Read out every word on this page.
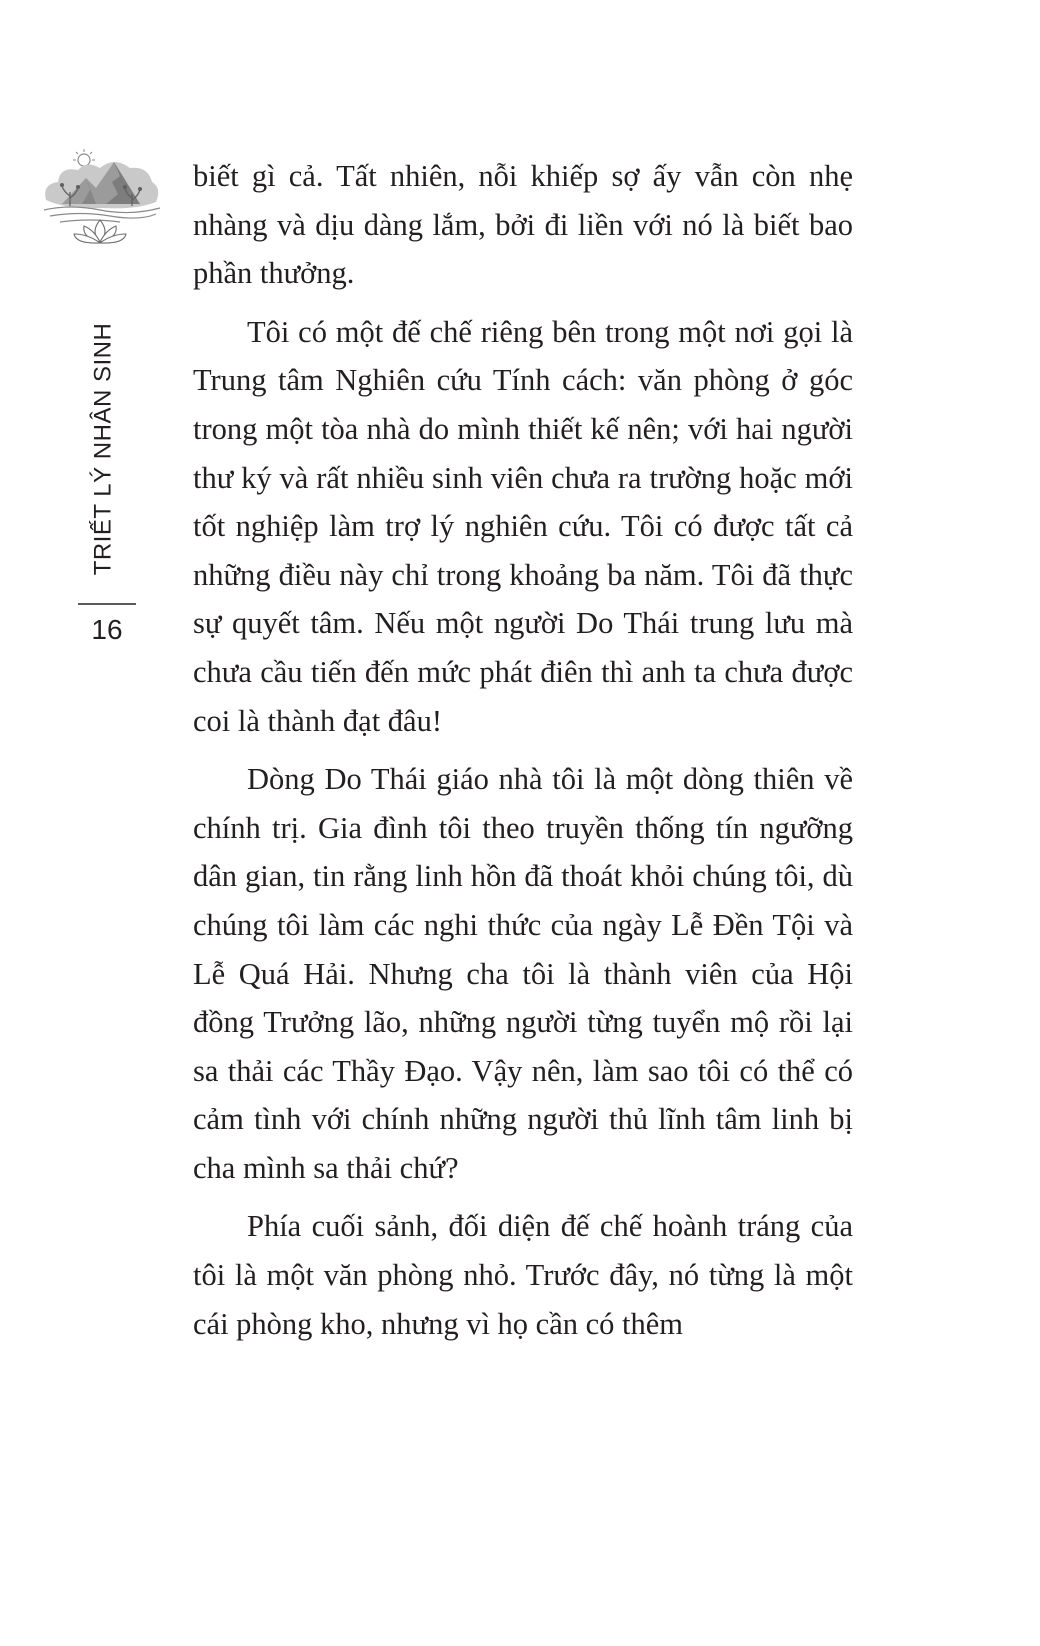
TRIẾT LÝ NHÂN SINH
16

biết gì cả. Tất nhiên, nỗi khiếp sợ ấy vẫn còn nhẹ nhàng và dịu dàng lắm, bởi đi liền với nó là biết bao phần thưởng.

Tôi có một đế chế riêng bên trong một nơi gọi là Trung tâm Nghiên cứu Tính cách: văn phòng ở góc trong một tòa nhà do mình thiết kế nên; với hai người thư ký và rất nhiều sinh viên chưa ra trường hoặc mới tốt nghiệp làm trợ lý nghiên cứu. Tôi có được tất cả những điều này chỉ trong khoảng ba năm. Tôi đã thực sự quyết tâm. Nếu một người Do Thái trung lưu mà chưa cầu tiến đến mức phát điên thì anh ta chưa được coi là thành đạt đâu!

Dòng Do Thái giáo nhà tôi là một dòng thiên về chính trị. Gia đình tôi theo truyền thống tín ngưỡng dân gian, tin rằng linh hồn đã thoát khỏi chúng tôi, dù chúng tôi làm các nghi thức của ngày Lễ Đền Tội và Lễ Quá Hải. Nhưng cha tôi là thành viên của Hội đồng Trưởng lão, những người từng tuyển mộ rồi lại sa thải các Thầy Đạo. Vậy nên, làm sao tôi có thể có cảm tình với chính những người thủ lĩnh tâm linh bị cha mình sa thải chứ?

Phía cuối sảnh, đối diện đế chế hoành tráng của tôi là một văn phòng nhỏ. Trước đây, nó từng là một cái phòng kho, nhưng vì họ cần có thêm
